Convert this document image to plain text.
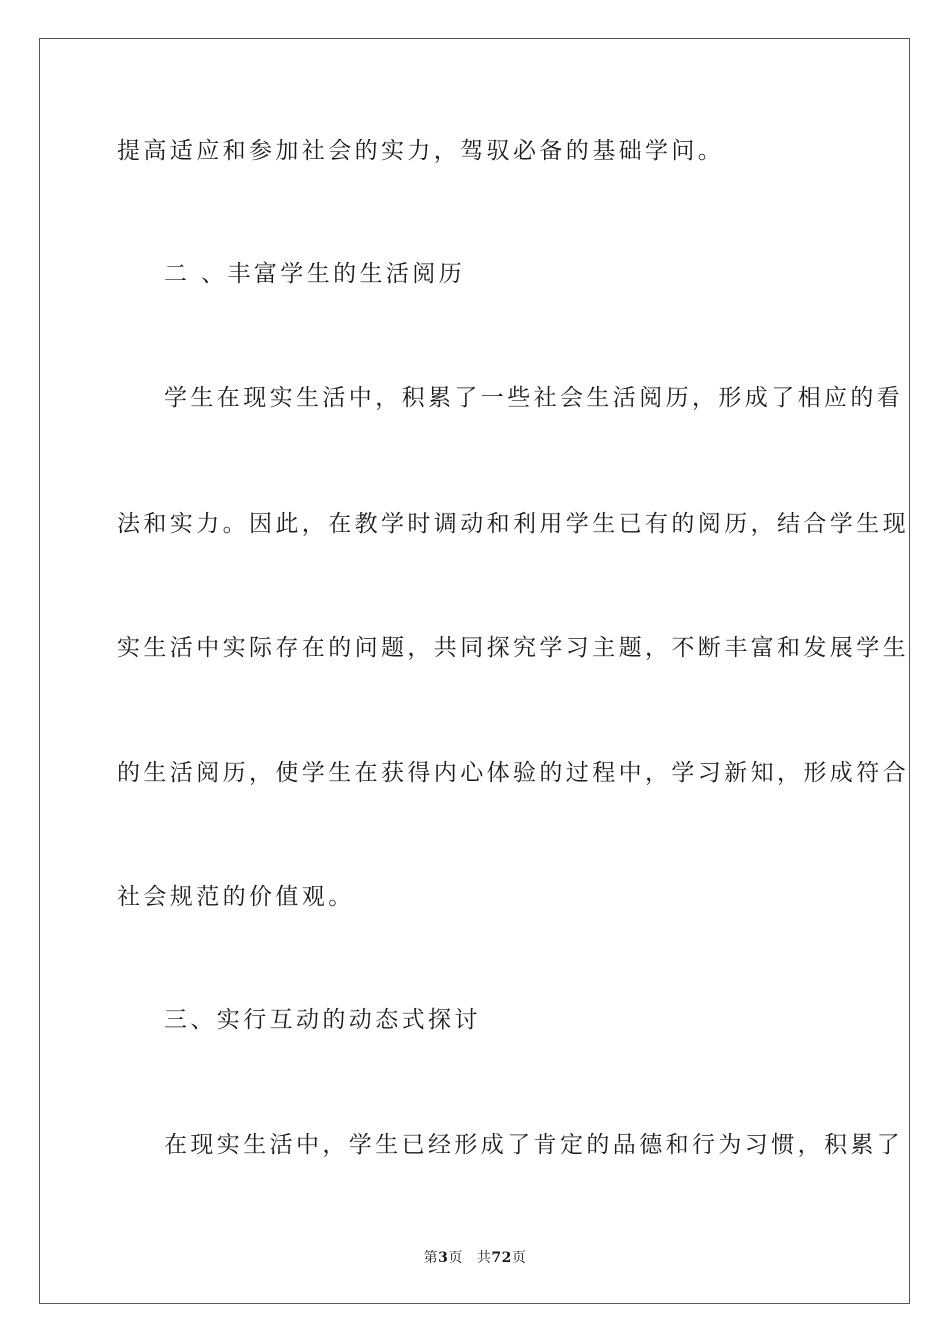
提高适应和参加社会的实力，驾驭必备的基础学问。
二 、丰富学生的生活阅历
学生在现实生活中，积累了一些社会生活阅历，形成了相应的看
法和实力。因此，在教学时调动和利用学生已有的阅历，结合学生现
实生活中实际存在的问题，共同探究学习主题，不断丰富和发展学生
的生活阅历，使学生在获得内心体验的过程中，学习新知，形成符合
社会规范的价值观。
三、实行互动的动态式探讨
在现实生活中，学生已经形成了肯定的品德和行为习惯，积累了
第3页 共72页
